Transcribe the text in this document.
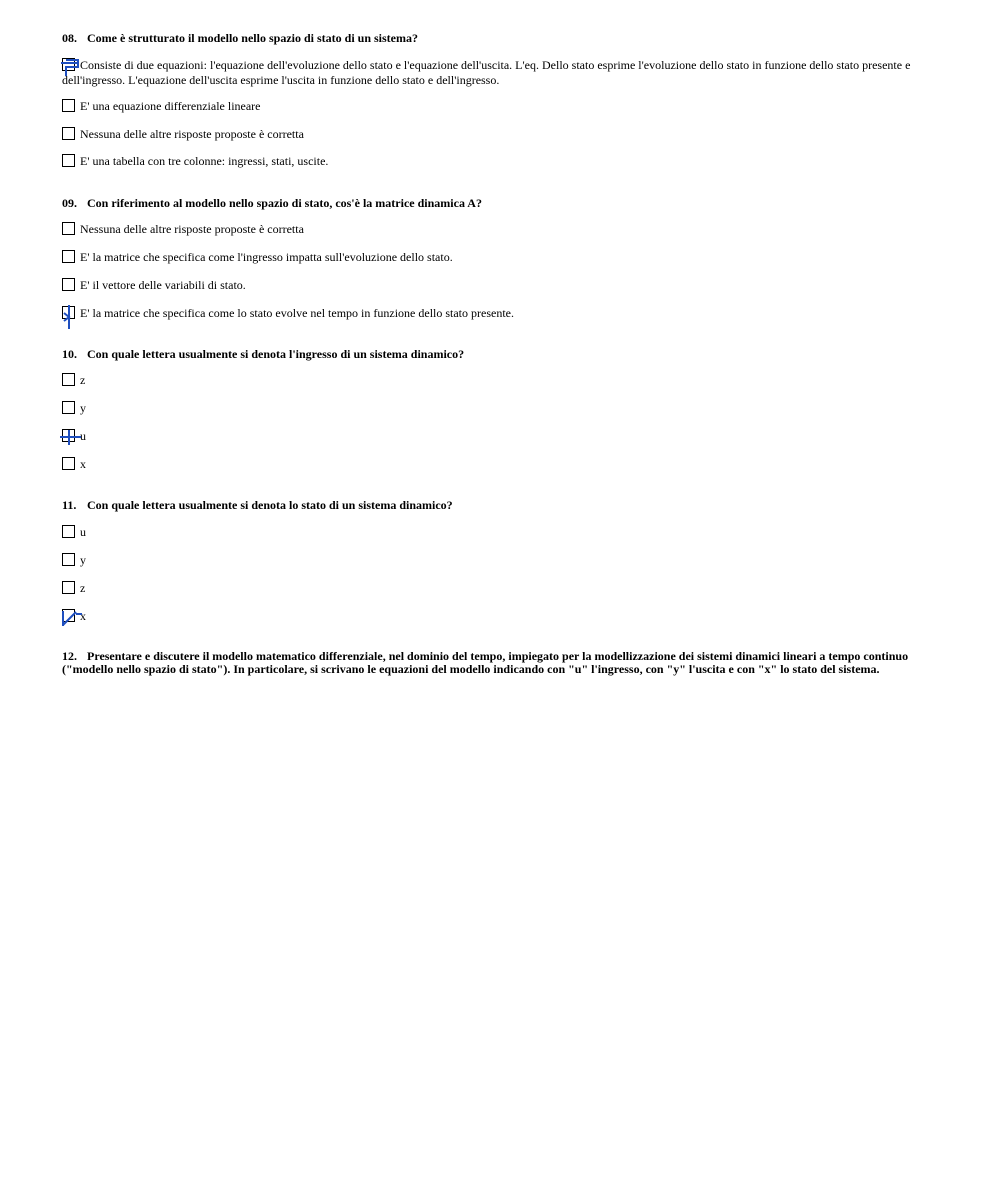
08. Come è strutturato il modello nello spazio di stato di un sistema?

Consiste di due equazioni: l'equazione dell'evoluzione dello stato e l'equazione dell'uscita. L'eq. Dello stato esprime l'evoluzione dello stato in funzione dello stato presente e dell'ingresso. L'equazione dell'uscita esprime l'uscita in funzione dello stato e dell'ingresso.
E' una equazione differenziale lineare
Nessuna delle altre risposte proposte è corretta
E' una tabella con tre colonne: ingressi, stati, uscite.

09. Con riferimento al modello nello spazio di stato, cos'è la matrice dinamica A?

Nessuna delle altre risposte proposte è corretta
E' la matrice che specifica come l'ingresso impatta sull'evoluzione dello stato.
E' il vettore delle variabili di stato.
E' la matrice che specifica come lo stato evolve nel tempo in funzione dello stato presente.

10. Con quale lettera usualmente si denota l'ingresso di un sistema dinamico?

z
y
u
x

11. Con quale lettera usualmente si denota lo stato di un sistema dinamico?

u
y
z
x

12. Presentare e discutere il modello matematico differenziale, nel dominio del tempo, impiegato per la modellizzazione dei sistemi dinamici lineari a tempo continuo ("modello nello spazio di stato"). In particolare, si scrivano le equazioni del modello indicando con "u" l'ingresso, con "y" l'uscita e con "x" lo stato del sistema.
